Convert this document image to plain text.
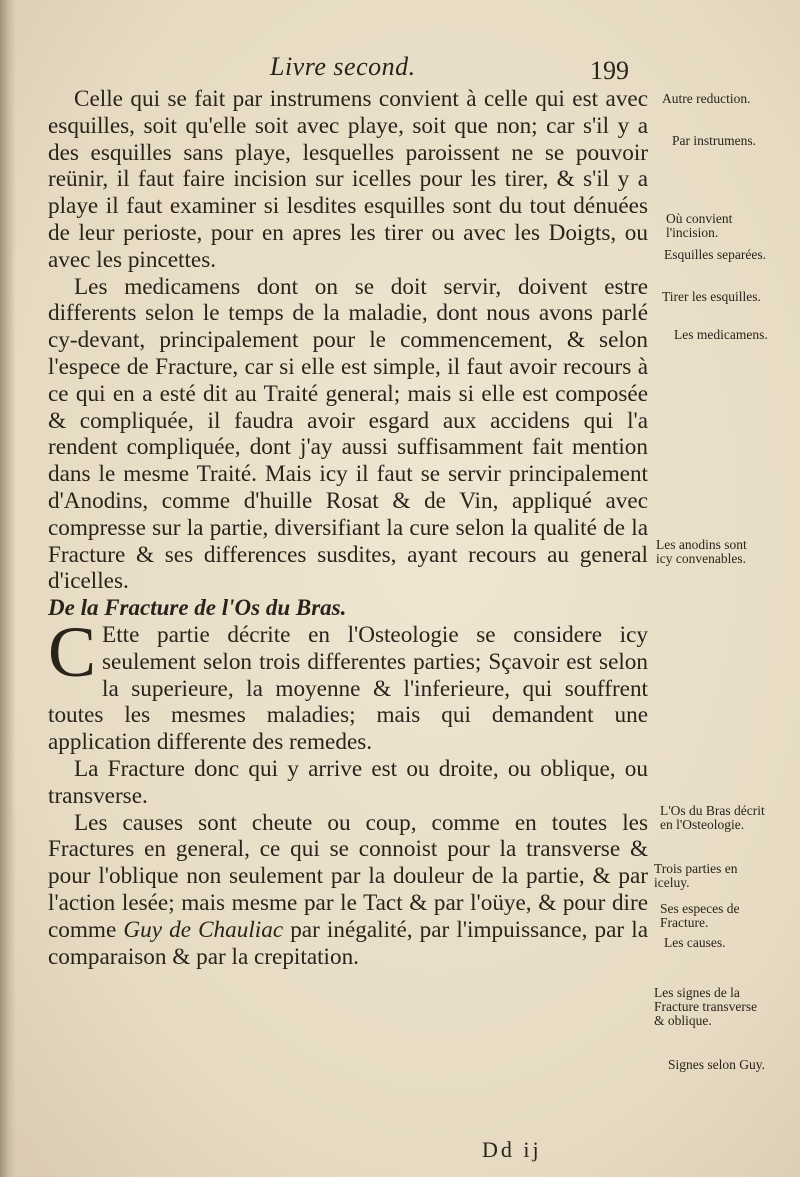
Livre second.	199

Celle qui se fait par instrumens convient à celle qui est avec esquilles, soit qu'elle soit avec playe, soit que non; car s'il y a des esquilles sans playe, lesquelles paroissent ne se pouvoir reünir, il faut faire incision sur icelles pour les tirer, & s'il y a playe il faut examiner si lesdites esquilles sont du tout dénuées de leur perioste, pour en apres les tirer ou avec les Doigts, ou avec les pincettes.

Les medicamens dont on se doit servir, doivent estre differents selon le temps de la maladie, dont nous avons parlé cy-devant, principalement pour le commencement, & selon l'espece de Fracture, car si elle est simple, il faut avoir recours à ce qui en a esté dit au Traité general; mais si elle est composée & compliquée, il faudra avoir esgard aux accidens qui l'a rendent compliquée, dont j'ay aussi suffisamment fait mention dans le mesme Traité. Mais icy il faut se servir principalement d'Anodins, comme d'huille Rosat & de Vin, appliqué avec compresse sur la partie, diversifiant la cure selon la qualité de la Fracture & ses differences susdites, ayant recours au general d'icelles.

De la Fracture de l'Os du Bras.

C Ette partie décrite en l'Osteologie se considere icy seulement selon trois differentes parties; Sçavoir est selon la superieure, la moyenne & l'inferieure, qui souffrent toutes les mesmes maladies; mais qui demandent une application differente des remedes.

La Fracture donc qui y arrive est ou droite, ou oblique, ou transverse.

Les causes sont cheute ou coup, comme en toutes les Fractures en general, ce qui se connoist pour la transverse & pour l'oblique non seulement par la douleur de la partie, & par l'action lesée; mais mesme par le Tact & par l'oüye, & pour dire comme Guy de Chauliac par inégalité, par l'impuissance, par la comparaison & par la crepitation.

Autre reduction.
Par instrumens.
Où convient l'incision.
Esquilles separées.
Tirer les esquilles.
Les medicamens.
Les anodins sont icy convenables.
L'Os du Bras décrit en l'Osteologie.
Trois parties en iceluy.
Ses especes de Fracture.
Les causes.
Les signes de la Fracture transverse & oblique.
Signes selon Guy.
Dd ij
